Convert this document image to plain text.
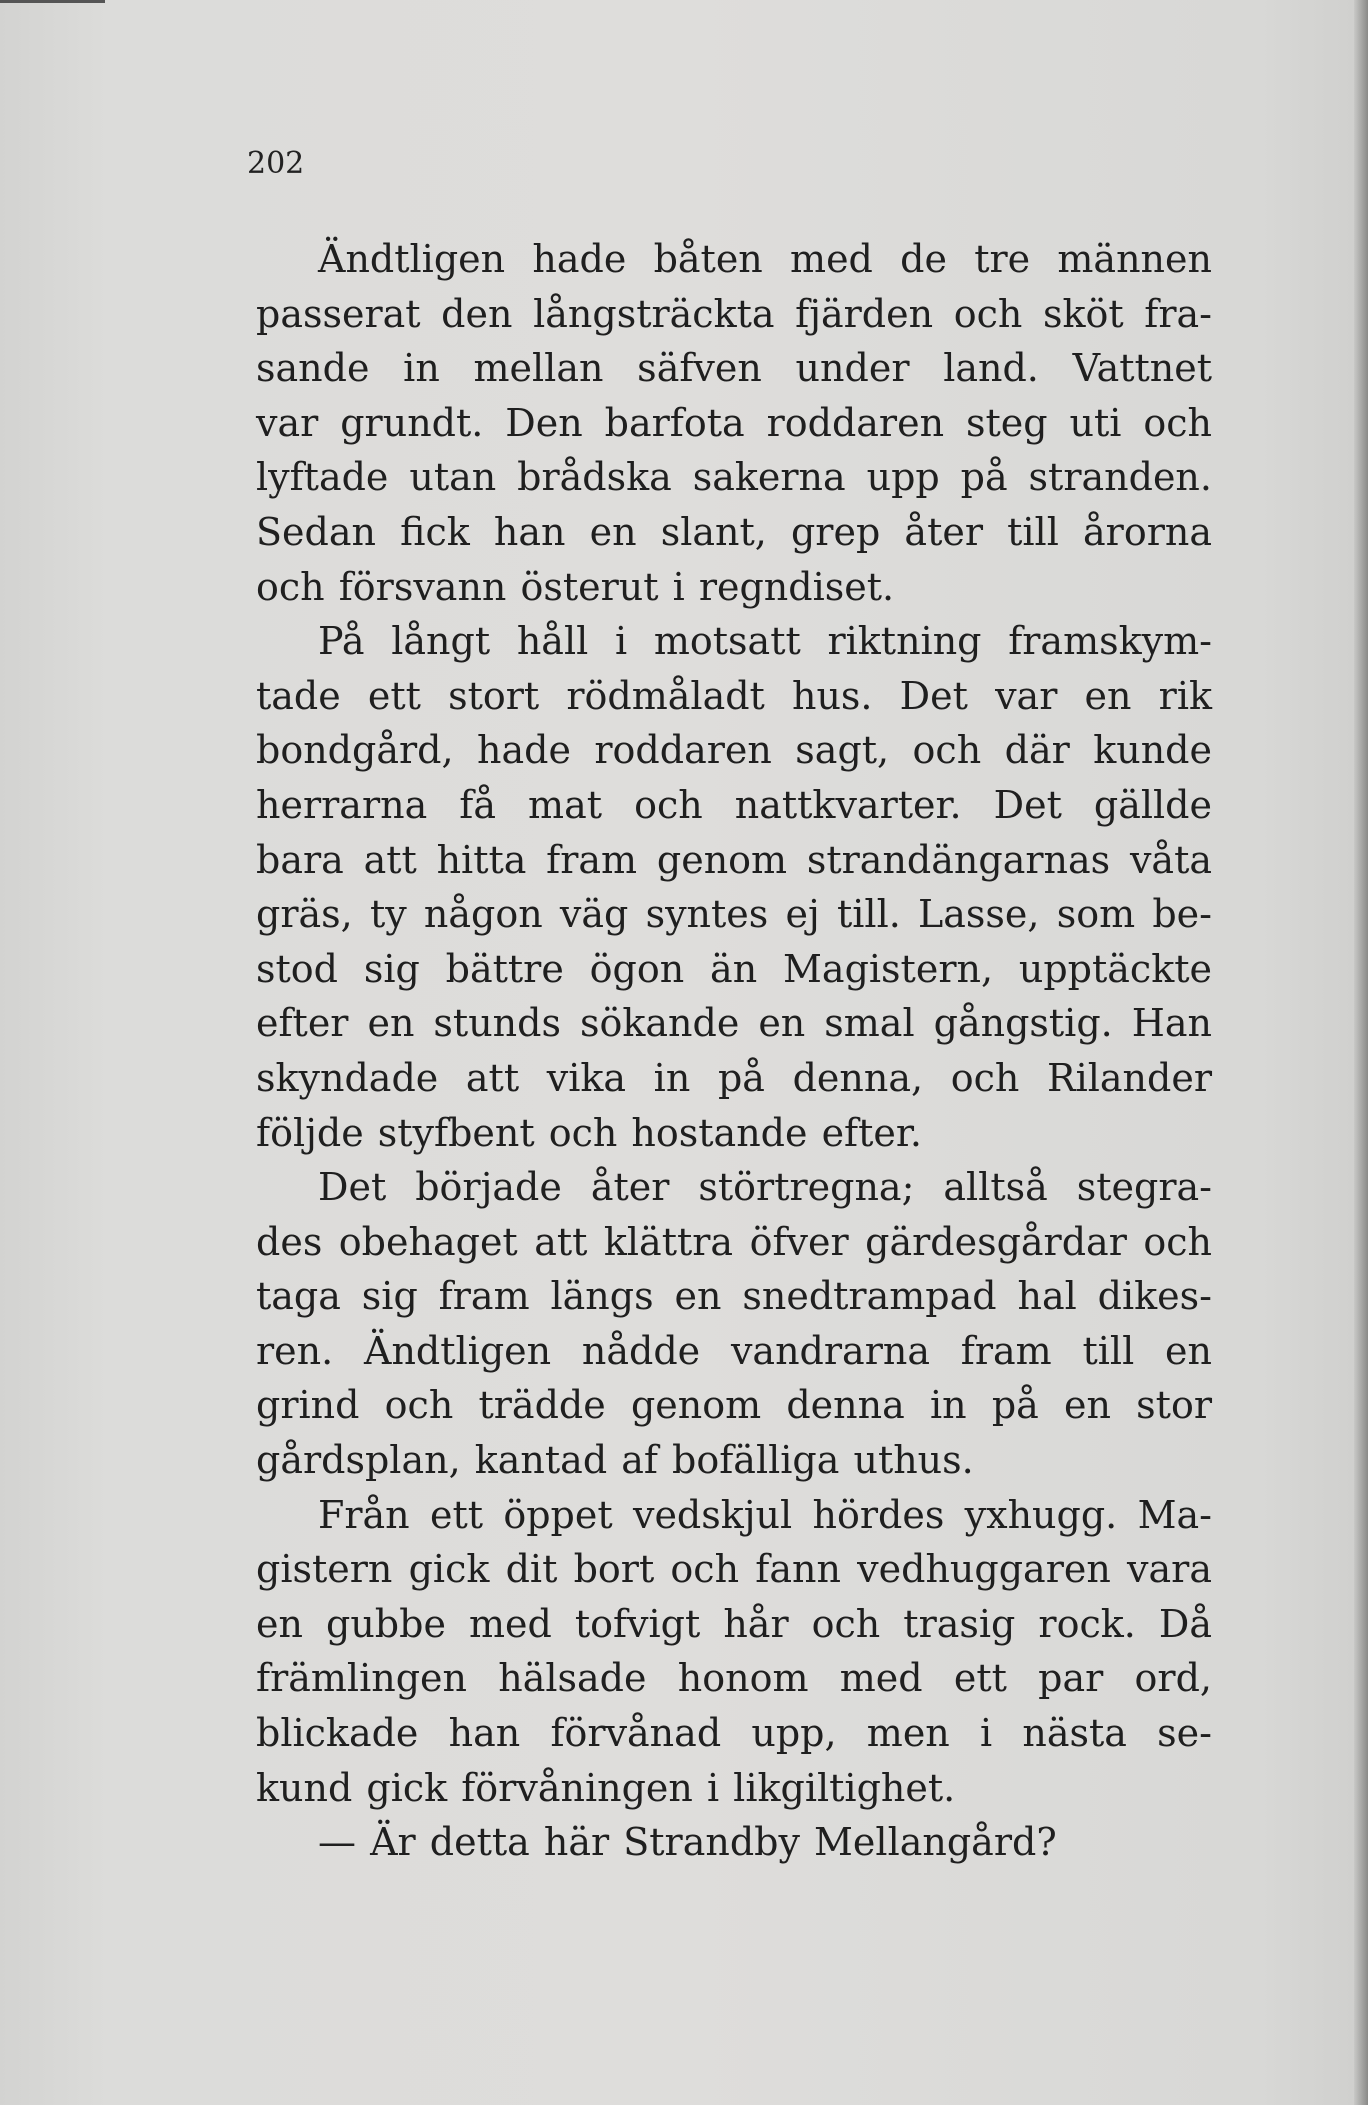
202
Ändtligen hade båten med de tre männen
passerat den långsträckta fjärden och sköt fra-
sande in mellan säfven under land. Vattnet
var grundt. Den barfota roddaren steg uti och
lyftade utan brådska sakerna upp på stranden.
Sedan fick han en slant, grep åter till årorna
och försvann österut i regndiset.
På långt håll i motsatt riktning framskym-
tade ett stort rödmåladt hus. Det var en rik
bondgård, hade roddaren sagt, och där kunde
herrarna få mat och nattkvarter. Det gällde
bara att hitta fram genom strandängarnas våta
gräs, ty någon väg syntes ej till. Lasse, som be-
stod sig bättre ögon än Magistern, upptäckte
efter en stunds sökande en smal gångstig. Han
skyndade att vika in på denna, och Rilander
följde styfbent och hostande efter.
Det började åter störtregna; alltså stegra-
des obehaget att klättra öfver gärdesgårdar och
taga sig fram längs en snedtrampad hal dikes-
ren. Ändtligen nådde vandrarna fram till en
grind och trädde genom denna in på en stor
gårdsplan, kantad af bofälliga uthus.
Från ett öppet vedskjul hördes yxhugg. Ma-
gistern gick dit bort och fann vedhuggaren vara
en gubbe med tofvigt hår och trasig rock. Då
främlingen hälsade honom med ett par ord,
blickade han förvånad upp, men i nästa se-
kund gick förvåningen i likgiltighet.
— Är detta här Strandby Mellangård?
